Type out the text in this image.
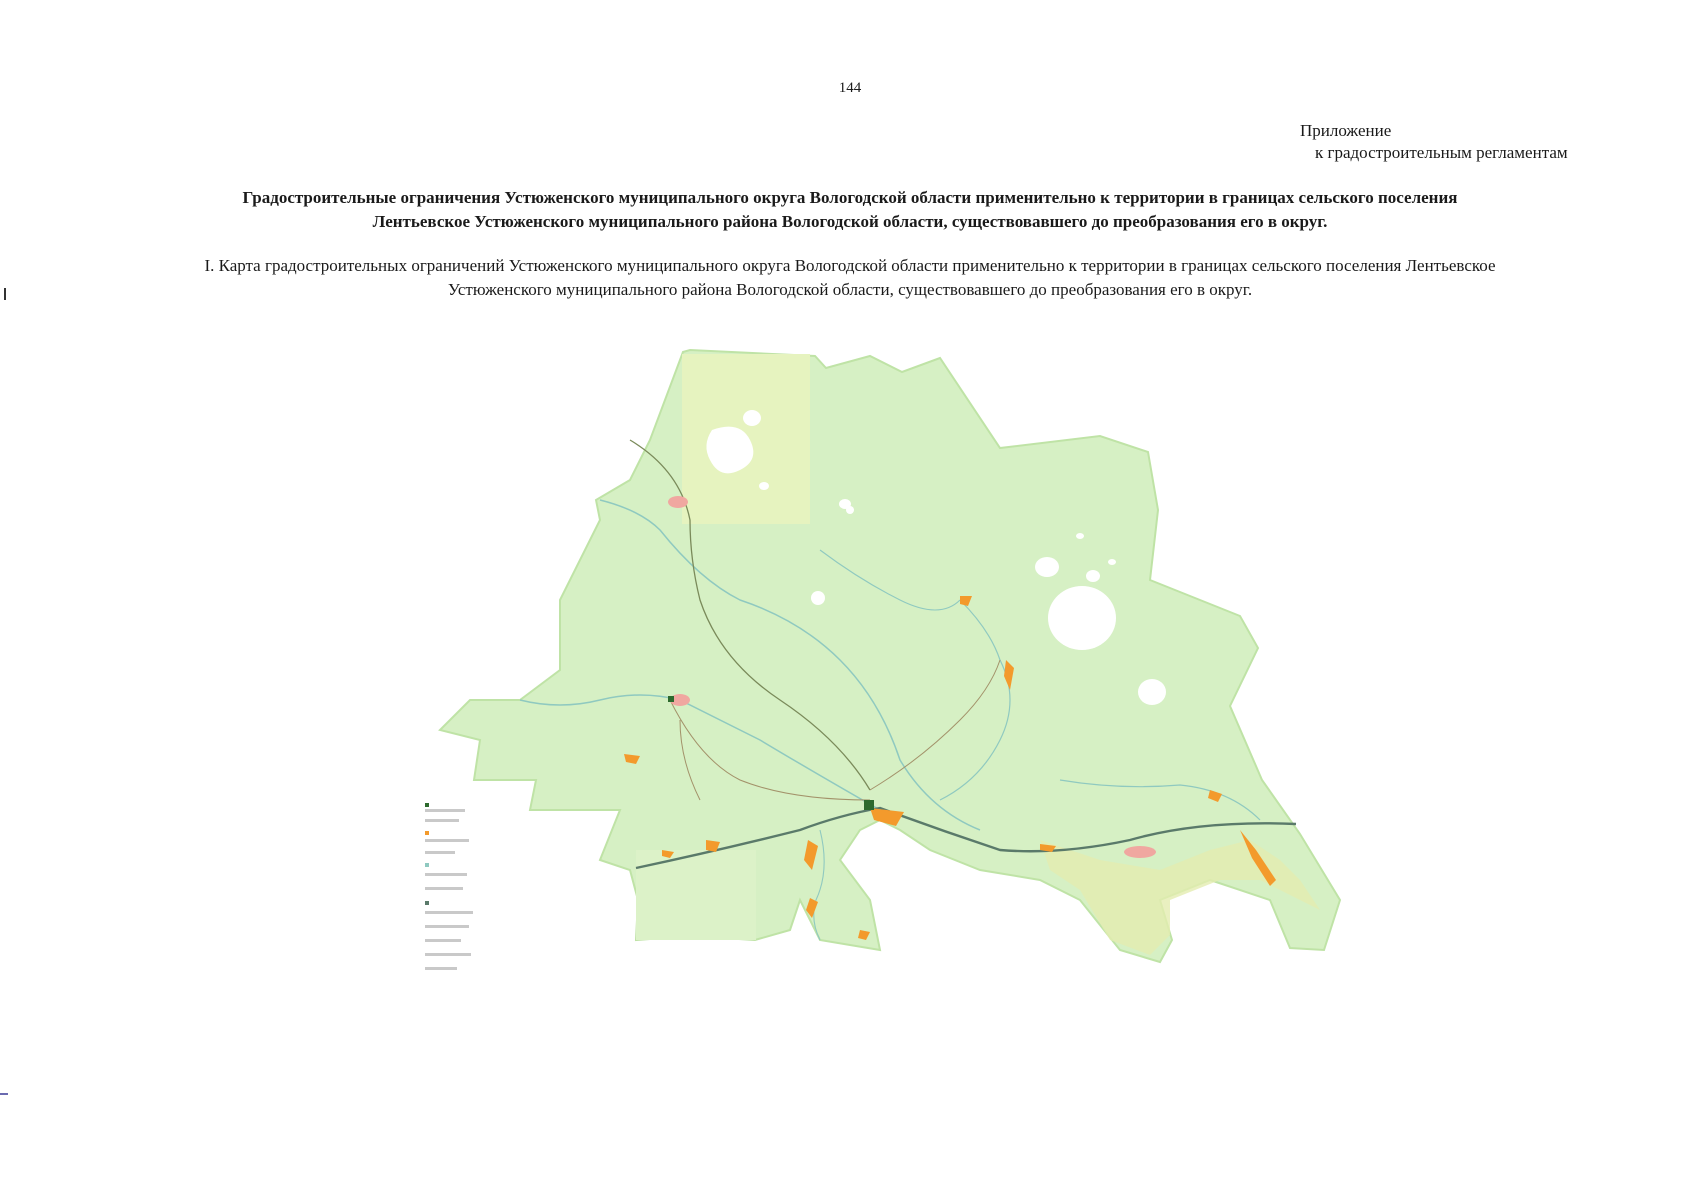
144
Приложение
к градостроительным регламентам
Градостроительные ограничения Устюженского муниципального округа Вологодской области применительно к территории в границах сельского поселения
Лентьевское Устюженского муниципального района Вологодской области, существовавшего до преобразования его в округ.
I. Карта градостроительных ограничений Устюженского муниципального округа Вологодской области применительно к территории в границах сельского поселения Лентьевское
Устюженского муниципального района Вологодской области, существовавшего до преобразования его в округ.
